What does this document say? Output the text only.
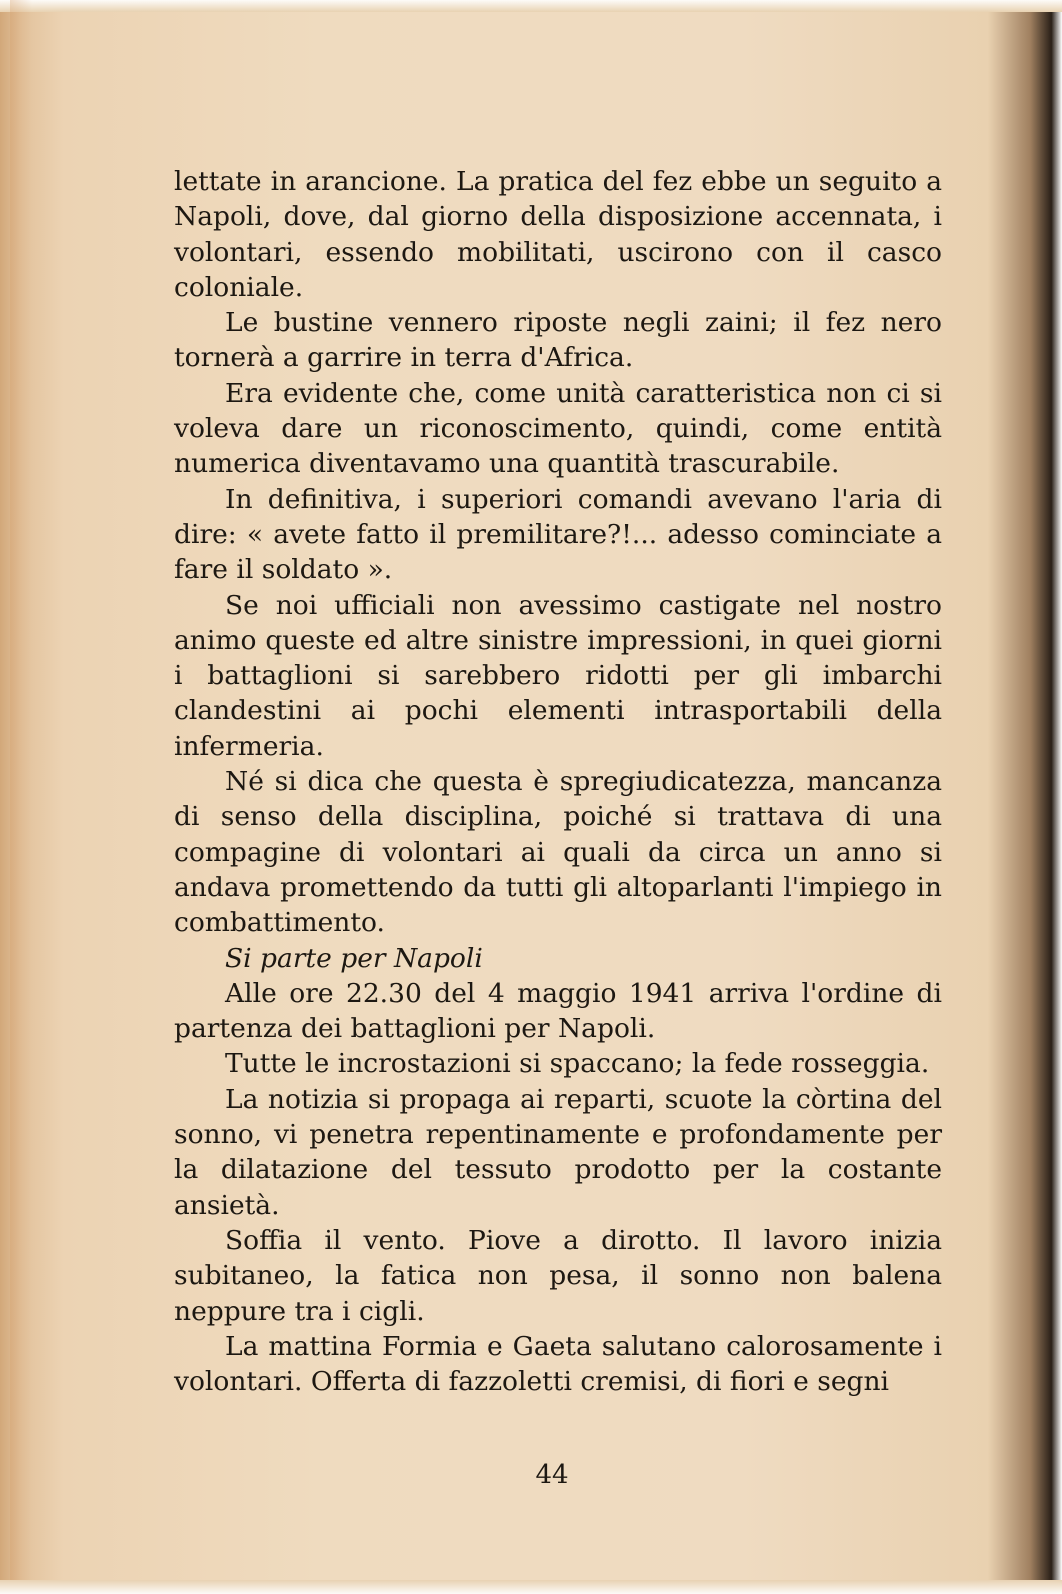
lettate in arancione. La pratica del fez ebbe un seguito a Napoli, dove, dal giorno della disposizione accennata, i volontari, essendo mobilitati, uscirono con il casco coloniale.

Le bustine vennero riposte negli zaini; il fez nero tornerà a garrire in terra d'Africa.

Era evidente che, come unità caratteristica non ci si voleva dare un riconoscimento, quindi, come entità numerica diventavamo una quantità trascurabile.

In definitiva, i superiori comandi avevano l'aria di dire: « avete fatto il premilitare?!... adesso cominciate a fare il soldato ».

Se noi ufficiali non avessimo castigate nel nostro animo queste ed altre sinistre impressioni, in quei giorni i battaglioni si sarebbero ridotti per gli imbarchi clandestini ai pochi elementi intrasportabili della infermeria.

Né si dica che questa è spregiudicatezza, mancanza di senso della disciplina, poiché si trattava di una compagine di volontari ai quali da circa un anno si andava promettendo da tutti gli altoparlanti l'impiego in combattimento.

Si parte per Napoli

Alle ore 22.30 del 4 maggio 1941 arriva l'ordine di partenza dei battaglioni per Napoli.

Tutte le incrostazioni si spaccano; la fede rosseggia.

La notizia si propaga ai reparti, scuote la còrtina del sonno, vi penetra repentinamente e profondamente per la dilatazione del tessuto prodotto per la costante ansietà.

Soffia il vento. Piove a dirotto. Il lavoro inizia subitaneo, la fatica non pesa, il sonno non balena neppure tra i cigli.

La mattina Formia e Gaeta salutano calorosamente i volontari. Offerta di fazzoletti cremisi, di fiori e segni

44
